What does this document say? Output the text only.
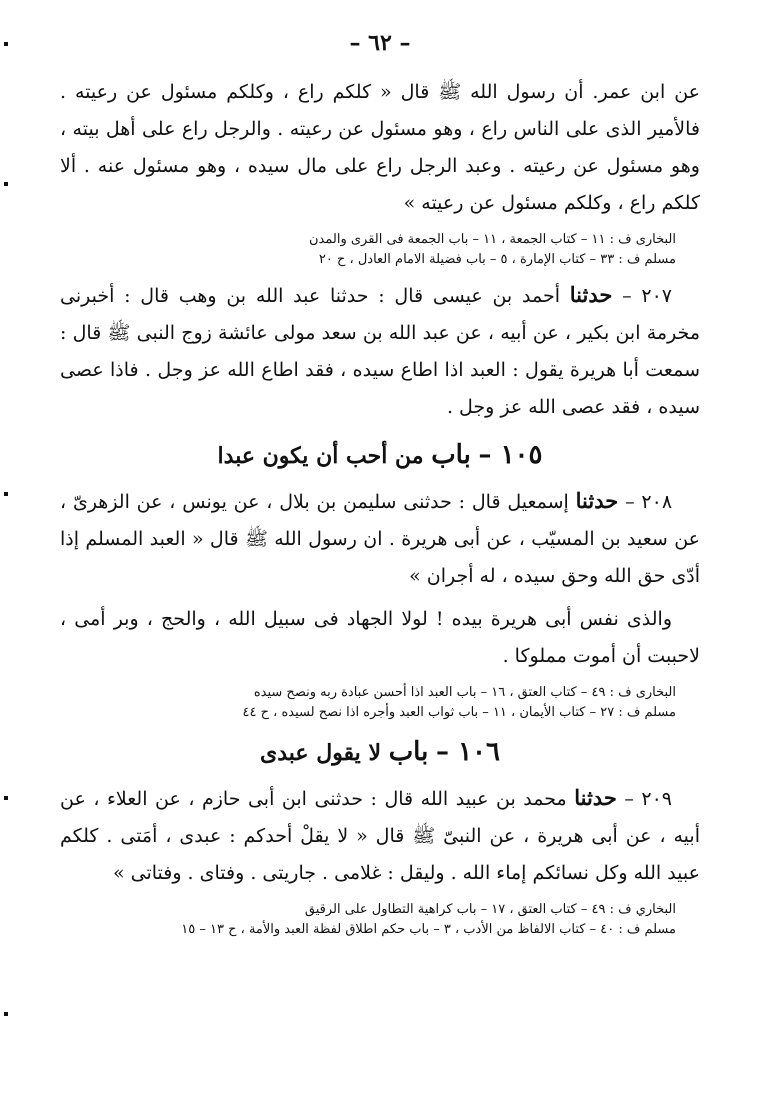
– ٦٢ –

عن ابن عمر. أن رسول الله ﷺ قال « كلكم راع ، وكلكم مسئول عن رعيته . فالأمير الذى على الناس راع ، وهو مسئول عن رعيته . والرجل راع على أهل بيته ، وهو مسئول عن رعيته . وعبد الرجل راع على مال سيده ، وهو مسئول عنه . ألا كلكم راع ، وكلكم مسئول عن رعيته »

البخارى ف : ١١ – كتاب الجمعة ، ١١ – باب الجمعة فى القرى والمدن
مسلم ف : ٣٣ – كتاب الإمارة ، ٥ – باب فضيلة الامام العادل ، ح ٢٠

٢٠٧ – حدثنا أحمد بن عيسى قال : حدثنا عبد الله بن وهب قال : أخبرنى مخرمة ابن بكير ، عن أبيه ، عن عبد الله بن سعد مولى عائشة زوج النبى ﷺ قال : سمعت أبا هريرة يقول : العبد اذا اطاع سيده ، فقد اطاع الله عز وجل . فاذا عصى سيده ، فقد عصى الله عز وجل .

١٠٥ – باب من أحب أن يكون عبدا

٢٠٨ – حدثنا إسمعيل قال : حدثنى سليمن بن بلال ، عن يونس ، عن الزهرىّ ، عن سعيد بن المسيّب ، عن أبى هريرة . ان رسول الله ﷺ قال « العبد المسلم إذا أدّى حق الله وحق سيده ، له أجران »

والذى نفس أبى هريرة بيده ! لولا الجهاد فى سبيل الله ، والحج ، وبر أمى ، لاحببت أن أموت مملوكا .

البخارى ف : ٤٩ – كتاب العتق ، ١٦ – باب العبد اذا أحسن عبادة ربه ونصح سيده
مسلم ف : ٢٧ – كتاب الأيمان ، ١١ – باب ثواب العبد وأجره اذا نصح لسيده ، ح ٤٤
١٠٦ – باب لا يقول عبدى

٢٠٩ – حدثنا محمد بن عبيد الله قال : حدثنى ابن أبى حازم ، عن العلاء ، عن أبيه ، عن أبى هريرة ، عن النبىّ ﷺ قال « لا يقلْ أحدكم : عبدى ، أمَتى . كلكم عبيد الله وكل نسائكم إماء الله . وليقل : غلامى . جاريتى . وفتاى . وفتاتى »

البخاري ف : ٤٩ – كتاب العتق ، ١٧ – باب كراهية التطاول على الرقيق
مسلم ف : ٤٠ – كتاب الالفاظ من الأدب ، ٣ – باب حكم اطلاق لفظة العبد والأمة ، ح ١٣ – ١٥
